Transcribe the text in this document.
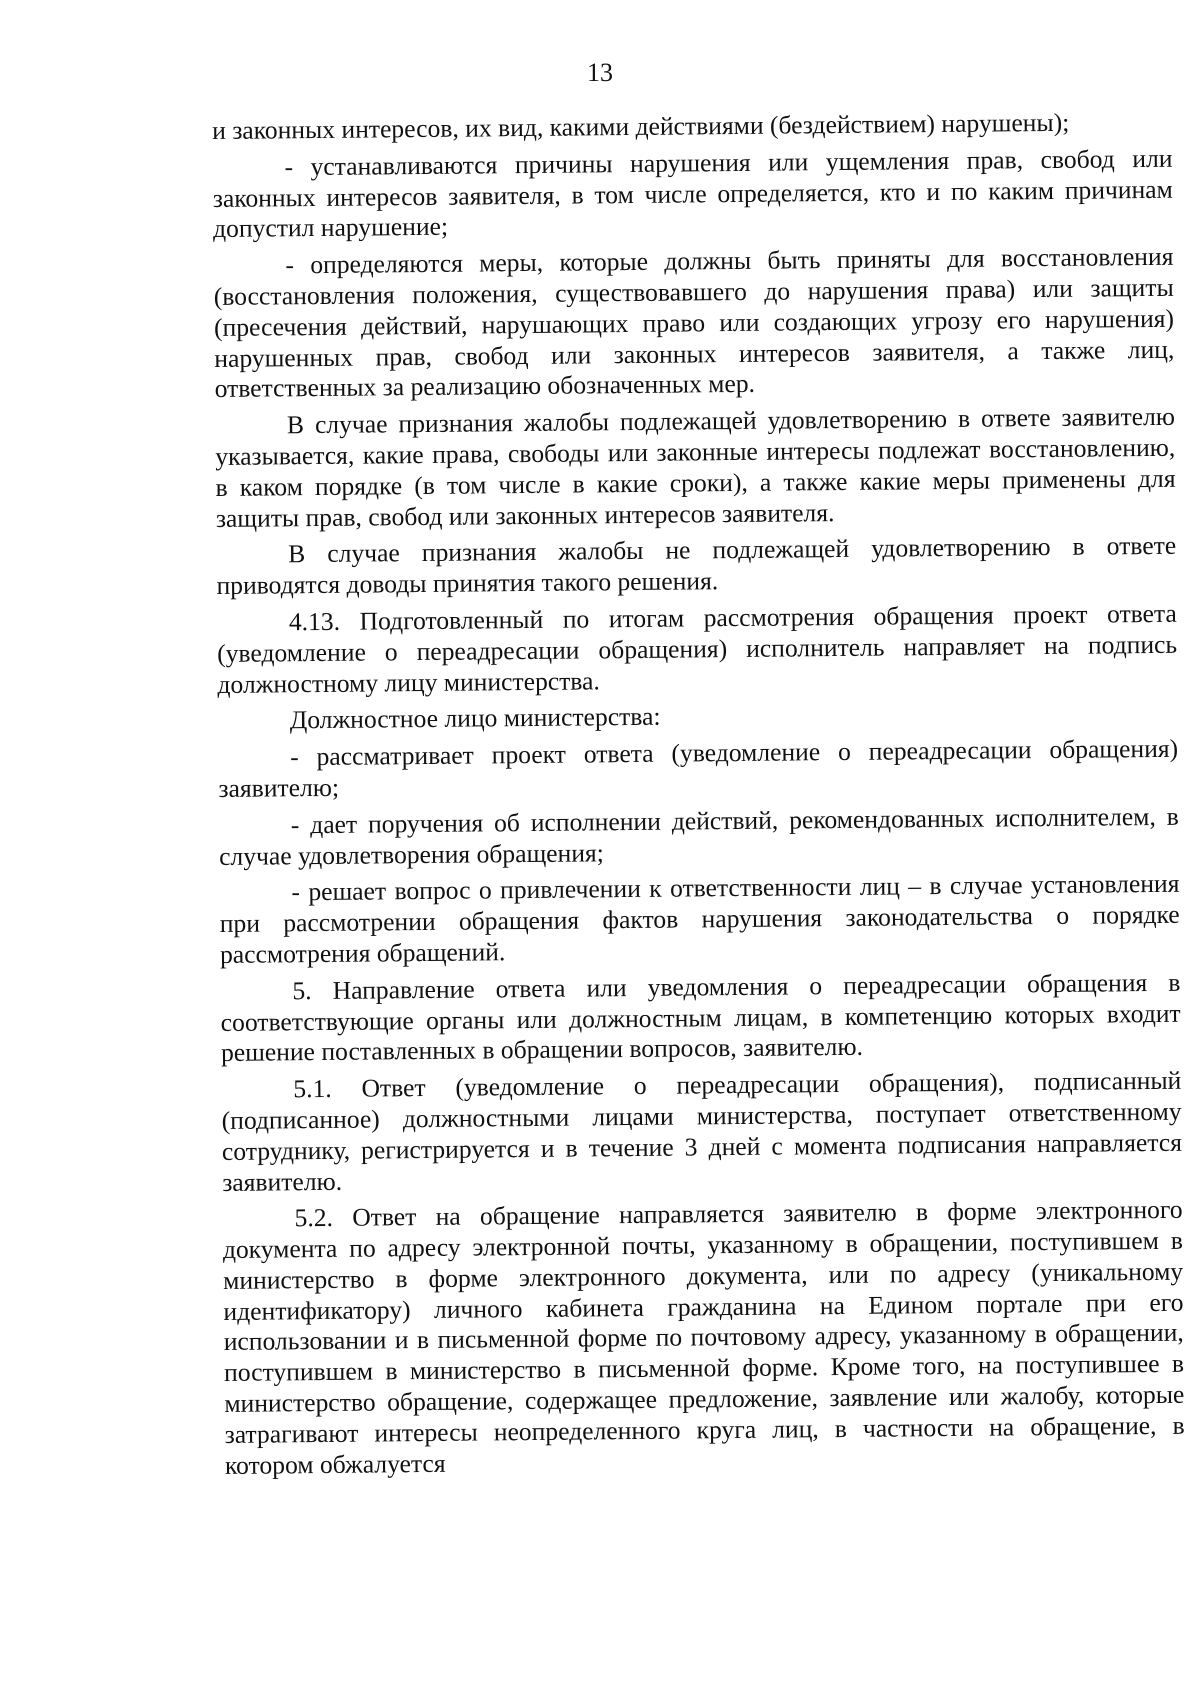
13

и законных интересов, их вид, какими действиями (бездействием) нарушены);

- устанавливаются причины нарушения или ущемления прав, свобод или законных интересов заявителя, в том числе определяется, кто и по каким причинам допустил нарушение;

- определяются меры, которые должны быть приняты для восстановления (восстановления положения, существовавшего до нарушения права) или защиты (пресечения действий, нарушающих право или создающих угрозу его нарушения) нарушенных прав, свобод или законных интересов заявителя, а также лиц, ответственных за реализацию обозначенных мер.

В случае признания жалобы подлежащей удовлетворению в ответе заявителю указывается, какие права, свободы или законные интересы подлежат восстановлению, в каком порядке (в том числе в какие сроки), а также какие меры применены для защиты прав, свобод или законных интересов заявителя.

В случае признания жалобы не подлежащей удовлетворению в ответе приводятся доводы принятия такого решения.

4.13. Подготовленный по итогам рассмотрения обращения проект ответа (уведомление о переадресации обращения) исполнитель направляет на подпись должностному лицу министерства.

Должностное лицо министерства:

- рассматривает проект ответа (уведомление о переадресации обращения) заявителю;

- дает поручения об исполнении действий, рекомендованных исполнителем, в случае удовлетворения обращения;

- решает вопрос о привлечении к ответственности лиц – в случае установления при рассмотрении обращения фактов нарушения законодательства о порядке рассмотрения обращений.

5. Направление ответа или уведомления о переадресации обращения в соответствующие органы или должностным лицам, в компетенцию которых входит решение поставленных в обращении вопросов, заявителю.

5.1. Ответ (уведомление о переадресации обращения), подписанный (подписанное) должностными лицами министерства, поступает ответственному сотруднику, регистрируется и в течение 3 дней с момента подписания направляется заявителю.

5.2. Ответ на обращение направляется заявителю в форме электронного документа по адресу электронной почты, указанному в обращении, поступившем в министерство в форме электронного документа, или по адресу (уникальному идентификатору) личного кабинета гражданина на Едином портале при его использовании и в письменной форме по почтовому адресу, указанному в обращении, поступившем в министерство в письменной форме. Кроме того, на поступившее в министерство обращение, содержащее предложение, заявление или жалобу, которые затрагивают интересы неопределенного круга лиц, в частности на обращение, в котором обжалуется
